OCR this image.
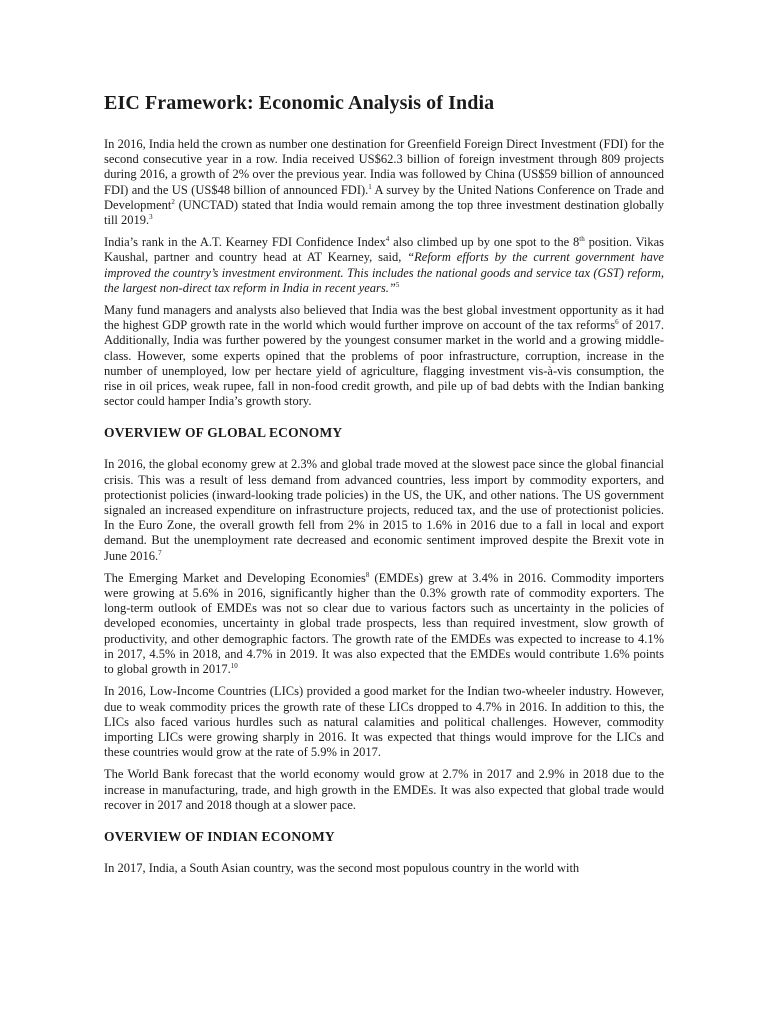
EIC Framework: Economic Analysis of India

In 2016, India held the crown as number one destination for Greenfield Foreign Direct Investment (FDI) for the second consecutive year in a row. India received US$62.3 billion of foreign investment through 809 projects during 2016, a growth of 2% over the previous year. India was followed by China (US$59 billion of announced FDI) and the US (US$48 billion of announced FDI).$^1$ A survey by the United Nations Conference on Trade and Development$^2$ (UNCTAD) stated that India would remain among the top three investment destination globally till 2019.$^3$

India’s rank in the A.T. Kearney FDI Confidence Index$^4$ also climbed up by one spot to the 8th position. Vikas Kaushal, partner and country head at AT Kearney, said, “Reform efforts by the current government have improved the country’s investment environment. This includes the national goods and service tax (GST) reform, the largest non-direct tax reform in India in recent years.”$^5$

Many fund managers and analysts also believed that India was the best global investment opportunity as it had the highest GDP growth rate in the world which would further improve on account of the tax reforms$^6$ of 2017. Additionally, India was further powered by the youngest consumer market in the world and a growing middle-class. However, some experts opined that the problems of poor infrastructure, corruption, increase in the number of unemployed, low per hectare yield of agriculture, flagging investment vis-à-vis consumption, the rise in oil prices, weak rupee, fall in non-food credit growth, and pile up of bad debts with the Indian banking sector could hamper India’s growth story.

OVERVIEW OF GLOBAL ECONOMY

In 2016, the global economy grew at 2.3% and global trade moved at the slowest pace since the global financial crisis. This was a result of less demand from advanced countries, less import by commodity exporters, and protectionist policies (inward-looking trade policies) in the US, the UK, and other nations. The US government signaled an increased expenditure on infrastructure projects, reduced tax, and the use of protectionist policies. In the Euro Zone, the overall growth fell from 2% in 2015 to 1.6% in 2016 due to a fall in local and export demand. But the unemployment rate decreased and economic sentiment improved despite the Brexit vote in June 2016.$^7$

The Emerging Market and Developing Economies$^8$ (EMDEs) grew at 3.4% in 2016. Commodity importers were growing at 5.6% in 2016, significantly higher than the 0.3% growth rate of commodity exporters. The long-term outlook of EMDEs was not so clear due to various factors such as uncertainty in the policies of developed economies, uncertainty in global trade prospects, less than required investment, slow growth of productivity, and other demographic factors. The growth rate of the EMDEs was expected to increase to 4.1% in 2017, 4.5% in 2018, and 4.7% in 2019. It was also expected that the EMDEs would contribute 1.6% points to global growth in 2017.10

In 2016, Low-Income Countries (LICs) provided a good market for the Indian two-wheeler industry. However, due to weak commodity prices the growth rate of these LICs dropped to 4.7% in 2016. In addition to this, the LICs also faced various hurdles such as natural calamities and political challenges. However, commodity importing LICs were growing sharply in 2016. It was expected that things would improve for the LICs and these countries would grow at the rate of 5.9% in 2017.

The World Bank forecast that the world economy would grow at 2.7% in 2017 and 2.9% in 2018 due to the increase in manufacturing, trade, and high growth in the EMDEs. It was also expected that global trade would recover in 2017 and 2018 though at a slower pace.

OVERVIEW OF INDIAN ECONOMY

In 2017, India, a South Asian country, was the second most populous country in the world with
